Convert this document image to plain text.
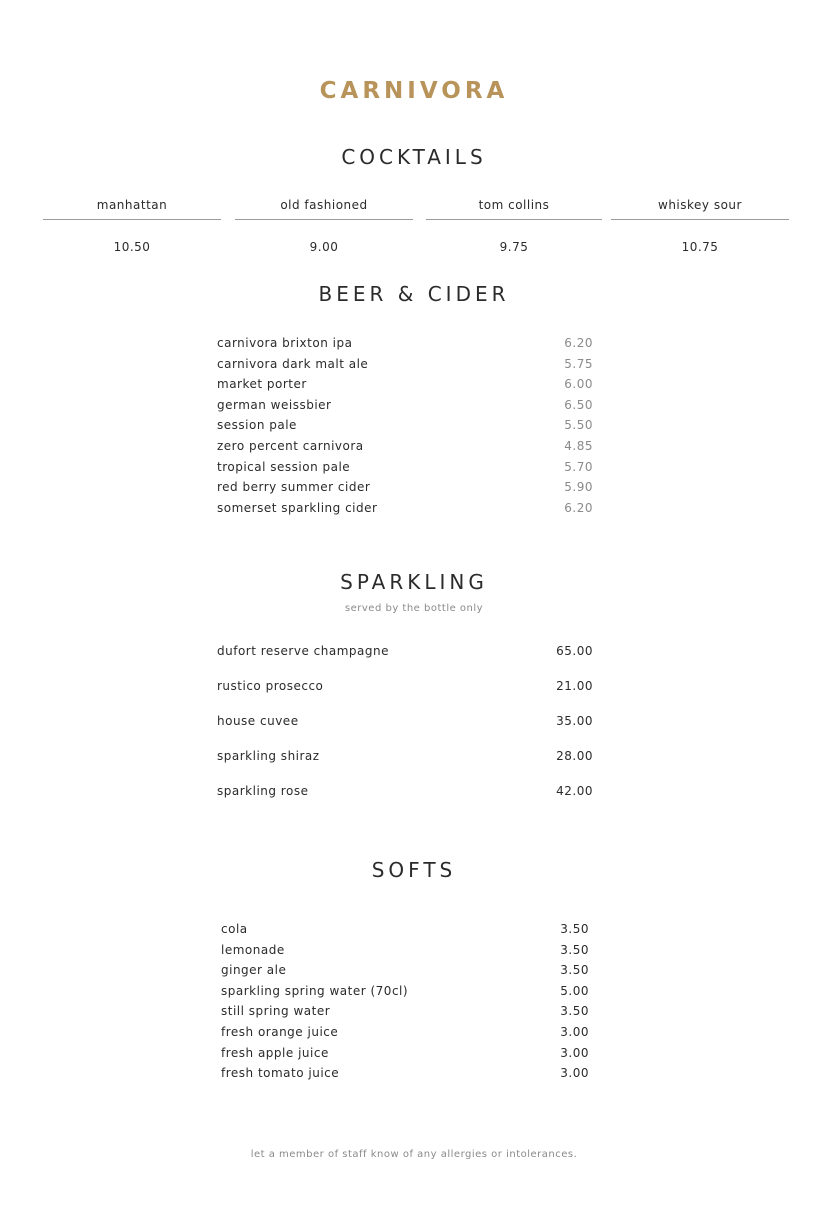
CARNIVORA
COCKTAILS
manhattan
10.50
old fashioned
9.00
tom collins
9.75
whiskey sour
10.75
BEER & CIDER
carnivora brixton ipa	6.20
carnivora dark malt ale	5.75
market porter	6.00
german weissbier	6.50
session pale	5.50
zero percent carnivora	4.85
tropical session pale	5.70
red berry summer cider	5.90
somerset sparkling cider	6.20
SPARKLING
served by the bottle only
dufort reserve champagne	65.00
rustico prosecco	21.00
house cuvee	35.00
sparkling shiraz	28.00
sparkling rose	42.00
SOFTS
cola	3.50
lemonade	3.50
ginger ale	3.50
sparkling spring water (70cl)	5.00
still spring water	3.50
fresh orange juice	3.00
fresh apple juice	3.00
fresh tomato juice	3.00
let a member of staff know of any allergies or intolerances.
